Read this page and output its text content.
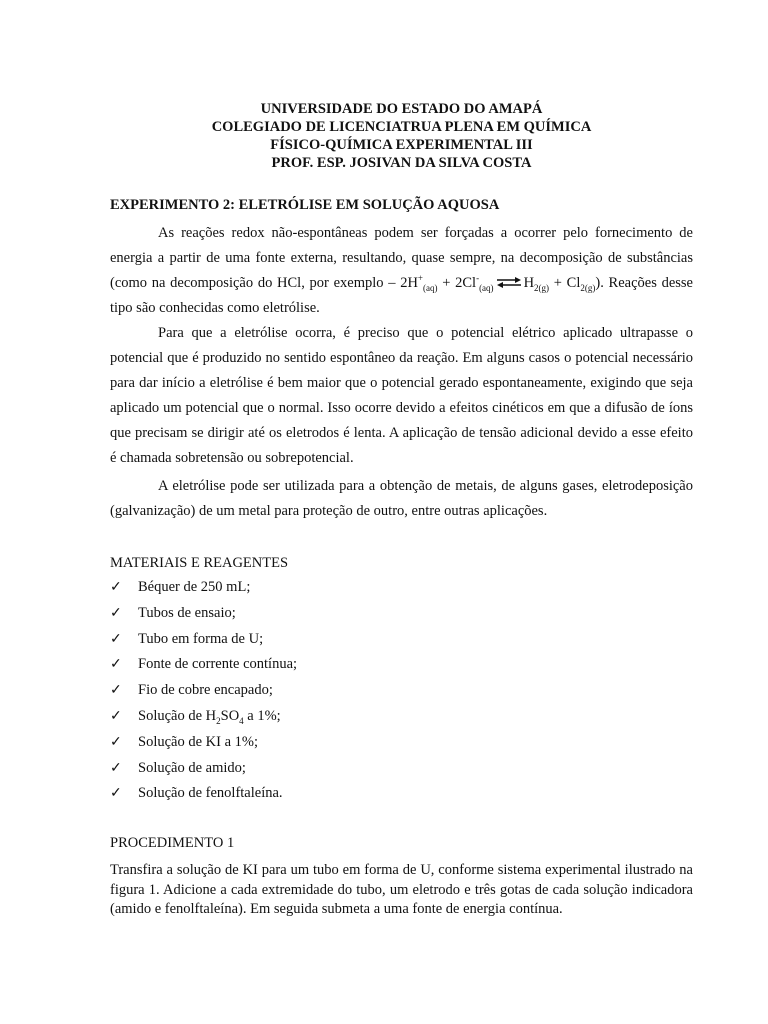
UNIVERSIDADE DO ESTADO DO AMAPÁ
COLEGIADO DE LICENCIATRUA PLENA EM QUÍMICA
FÍSICO-QUÍMICA EXPERIMENTAL III
PROF. ESP. JOSIVAN DA SILVA COSTA
EXPERIMENTO 2: ELETRÓLISE EM SOLUÇÃO AQUOSA
As reações redox não-espontâneas podem ser forçadas a ocorrer pelo fornecimento de energia a partir de uma fonte externa, resultando, quase sempre, na decomposição de substâncias (como na decomposição do HCl, por exemplo – $2H^+_{(aq)} + 2Cl^-_{(aq)}$ ⇌ $H_{2(g)} + Cl_{2(g)}$). Reações desse tipo são conhecidas como eletrólise.
Para que a eletrólise ocorra, é preciso que o potencial elétrico aplicado ultrapasse o potencial que é produzido no sentido espontâneo da reação. Em alguns casos o potencial necessário para dar início a eletrólise é bem maior que o potencial gerado espontaneamente, exigindo que seja aplicado um potencial que o normal. Isso ocorre devido a efeitos cinéticos em que a difusão de íons que precisam se dirigir até os eletrodos é lenta. A aplicação de tensão adicional devido a esse efeito é chamada sobretensão ou sobrepotencial.
A eletrólise pode ser utilizada para a obtenção de metais, de alguns gases, eletrodeposição (galvanização) de um metal para proteção de outro, entre outras aplicações.
MATERIAIS E REAGENTES
✓	Béquer de 250 mL;
✓	Tubos de ensaio;
✓	Tubo em forma de U;
✓	Fonte de corrente contínua;
✓	Fio de cobre encapado;
✓	Solução de $H_2SO_4$ a 1%;
✓	Solução de KI a 1%;
✓	Solução de amido;
✓	Solução de fenolftaleína.
PROCEDIMENTO 1
Transfira a solução de KI para um tubo em forma de U, conforme sistema experimental ilustrado na figura 1. Adicione a cada extremidade do tubo, um eletrodo e três gotas de cada solução indicadora (amido e fenolftaleína). Em seguida submeta a uma fonte de energia contínua.
